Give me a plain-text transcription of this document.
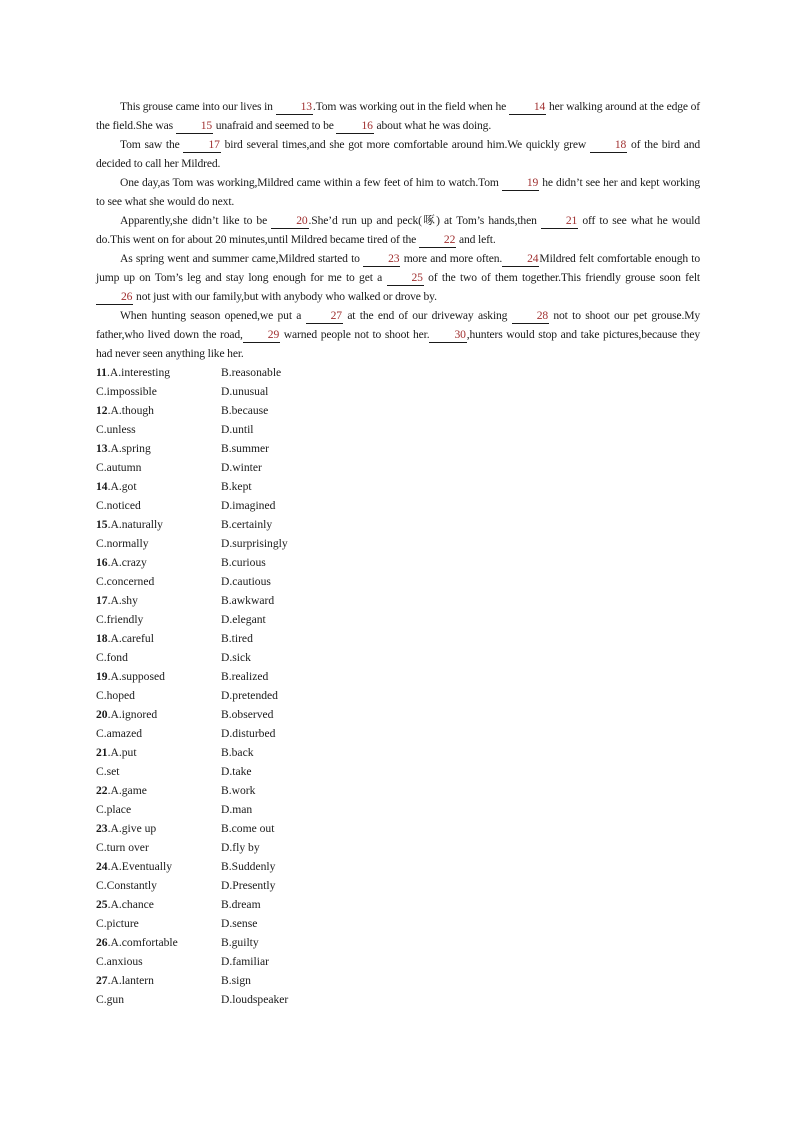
This grouse came into our lives in 13.Tom was working out in the field when he 14 her walking around at the edge of the field.She was 15 unafraid and seemed to be 16 about what he was doing.

Tom saw the 17 bird several times,and she got more comfortable around him.We quickly grew 18 of the bird and decided to call her Mildred.

One day,as Tom was working,Mildred came within a few feet of him to watch.Tom 19 he didn’t see her and kept working to see what she would do next.

Apparently,she didn’t like to be 20.She’d run up and peck(啄) at Tom’s hands,then 21 off to see what he would do.This went on for about 20 minutes,until Mildred became tired of the 22 and left.

As spring went and summer came,Mildred started to 23 more and more often. 24Mildred felt comfortable enough to jump up on Tom’s leg and stay long enough for me to get a 25 of the two of them together.This friendly grouse soon felt 26 not just with our family,but with anybody who walked or drove by.

When hunting season opened,we put a 27 at the end of our driveway asking 28 not to shoot our pet grouse.My father,who lived down the road, 29 warned people not to shoot her. 30,hunters would stop and take pictures,because they had never seen anything like her.

11.A.interesting	B.reasonable
C.impossible	D.unusual
12.A.though	B.because
C.unless	D.until
13.A.spring	B.summer
C.autumn	D.winter
14.A.got	B.kept
C.noticed	D.imagined
15.A.naturally	B.certainly
C.normally	D.surprisingly
16.A.crazy	B.curious
C.concerned	D.cautious
17.A.shy	B.awkward
C.friendly	D.elegant
18.A.careful	B.tired
C.fond	D.sick
19.A.supposed	B.realized
C.hoped	D.pretended
20.A.ignored	B.observed
C.amazed	D.disturbed
21.A.put	B.back
C.set	D.take
22.A.game	B.work
C.place	D.man
23.A.give up	B.come out
C.turn over	D.fly by
24.A.Eventually	B.Suddenly
C.Constantly	D.Presently
25.A.chance	B.dream
C.picture	D.sense
26.A.comfortable	B.guilty
C.anxious	D.familiar
27.A.lantern	B.sign
C.gun	D.loudspeaker
